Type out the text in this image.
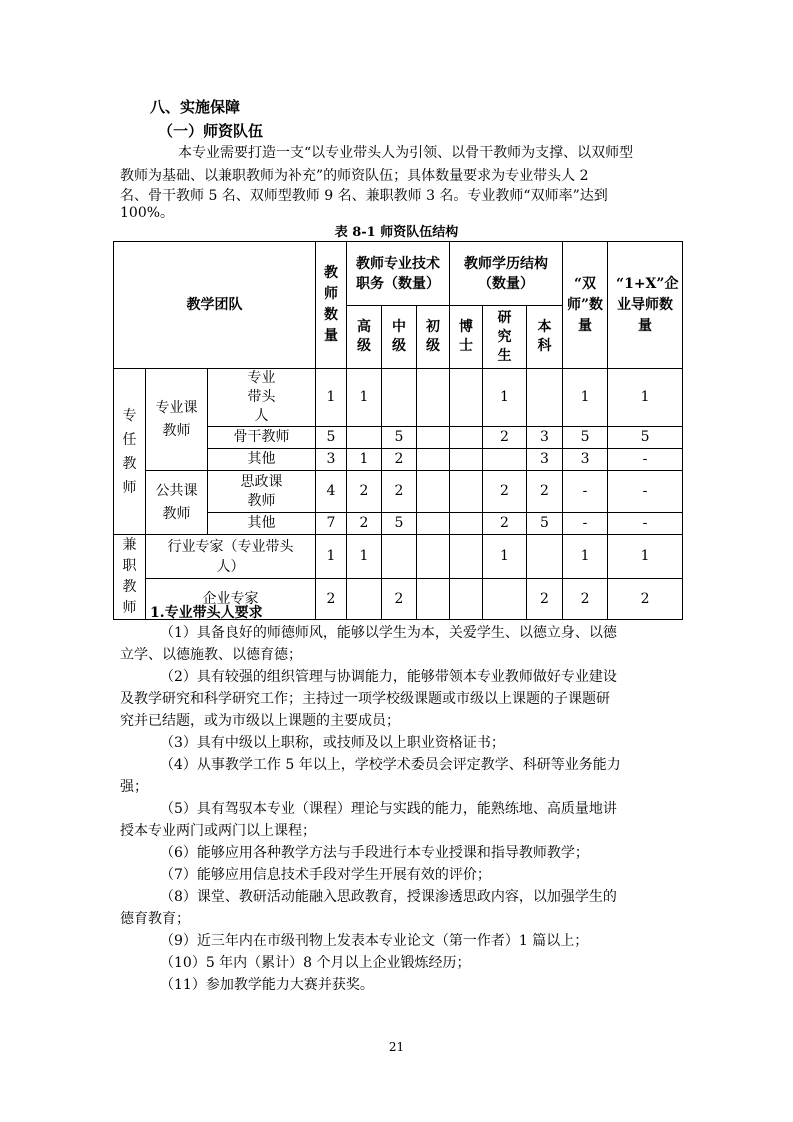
八、实施保障
（一）师资队伍
本专业需要打造一支“以专业带头人为引领、以骨干教师为支撑、以双师型
教师为基础、以兼职教师为补充”的师资队伍；具体数量要求为专业带头人 2
名、骨干教师 5 名、双师型教师 9 名、兼职教师 3 名。专业教师“双师率”达到
100%。
表 8-1 师资队伍结构
教学团队			教师数量	教师专业技术职务（数量）			教师学历结构（数量）			“双师”数量	“1+X”企业导师数量
				高级	中级	初级	博士	研究生	本科		
专任教师	专业课教师	专业带头人	1	1				1		1	1
		骨干教师	5		5			2	3	5	5
		其他	3	1	2				3	3	-
	公共课教师	思政课教师	4	2	2			2	2	-	-
		其他	7	2	5			2	5	-	-
兼职教师	行业专家（专业带头人）		1	1				1		1	1
	企业专家		2		2				2	2	2
1.专业带头人要求
（1）具备良好的师德师风，能够以学生为本，关爱学生、以德立身、以德
立学、以德施教、以德育德；
（2）具有较强的组织管理与协调能力，能够带领本专业教师做好专业建设
及教学研究和科学研究工作；主持过一项学校级课题或市级以上课题的子课题研
究并已结题，或为市级以上课题的主要成员；
（3）具有中级以上职称，或技师及以上职业资格证书；
（4）从事教学工作 5 年以上，学校学术委员会评定教学、科研等业务能力
强；
（5）具有驾驭本专业（课程）理论与实践的能力，能熟练地、高质量地讲
授本专业两门或两门以上课程；
（6）能够应用各种教学方法与手段进行本专业授课和指导教师教学；
（7）能够应用信息技术手段对学生开展有效的评价；
（8）课堂、教研活动能融入思政教育，授课渗透思政内容，以加强学生的
德育教育；
（9）近三年内在市级刊物上发表本专业论文（第一作者）1 篇以上；
（10）5 年内（累计）8 个月以上企业锻炼经历；
（11）参加教学能力大赛并获奖。
21
